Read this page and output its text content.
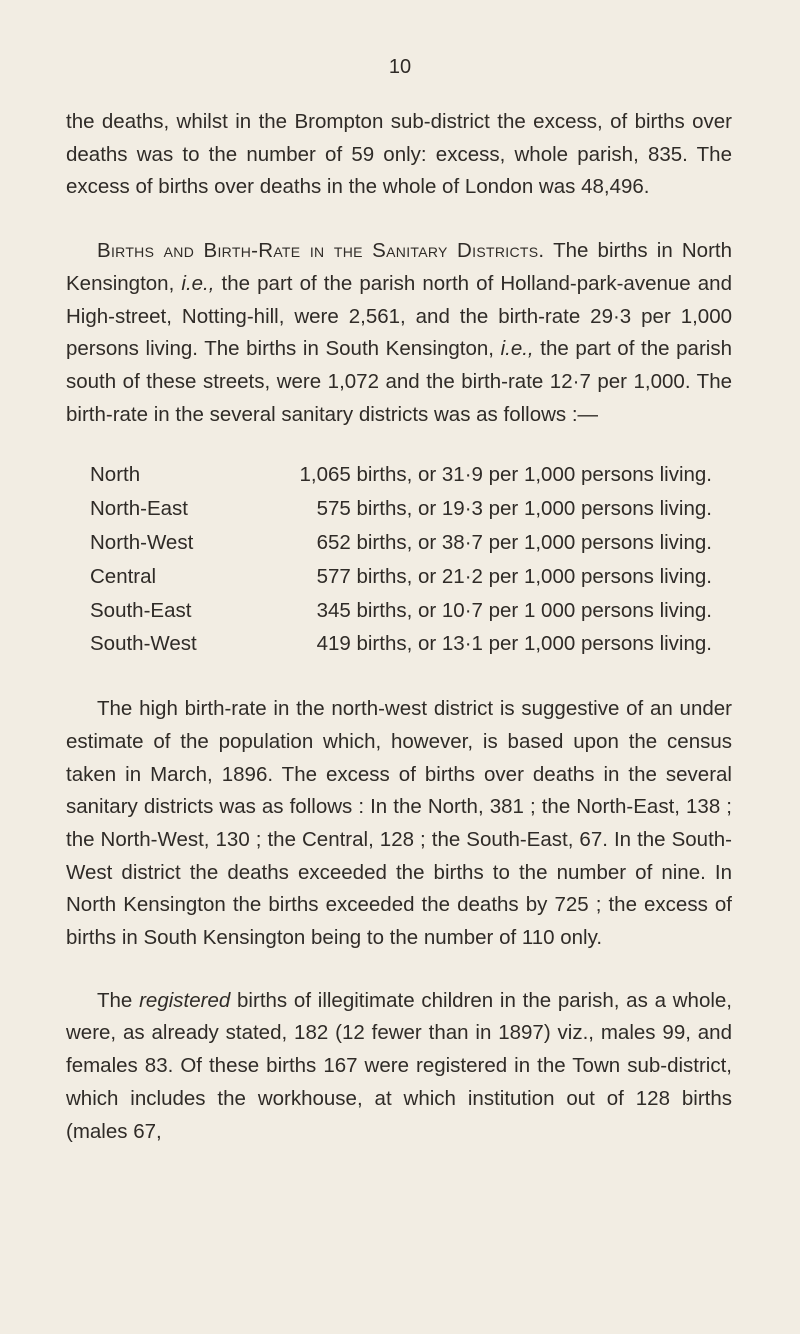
10

the deaths, whilst in the Brompton sub-district the excess, of births over deaths was to the number of 59 only: excess, whole parish, 835. The excess of births over deaths in the whole of London was 48,496.

Births and Birth-Rate in the Sanitary Districts. The births in North Kensington, i.e., the part of the parish north of Holland-park-avenue and High-street, Notting-hill, were 2,561, and the birth-rate 29·3 per 1,000 persons living. The births in South Kensington, i.e., the part of the parish south of these streets, were 1,072 and the birth-rate 12·7 per 1,000. The birth-rate in the several sanitary districts was as follows :—

North	1,065 births, or 31·9 per 1,000 persons living.
North-East	575 births, or 19·3 per 1,000 persons living.
North-West	652 births, or 38·7 per 1,000 persons living.
Central	577 births, or 21·2 per 1,000 persons living.
South-East	345 births, or 10·7 per 1 000 persons living.
South-West	419 births, or 13·1 per 1,000 persons living.

The high birth-rate in the north-west district is suggestive of an under estimate of the population which, however, is based upon the census taken in March, 1896. The excess of births over deaths in the several sanitary districts was as follows : In the North, 381 ; the North-East, 138 ; the North-West, 130 ; the Central, 128 ; the South-East, 67. In the South-West district the deaths exceeded the births to the number of nine. In North Kensington the births exceeded the deaths by 725 ; the excess of births in South Kensington being to the number of 110 only.

The registered births of illegitimate children in the parish, as a whole, were, as already stated, 182 (12 fewer than in 1897) viz., males 99, and females 83. Of these births 167 were registered in the Town sub-district, which includes the workhouse, at which institution out of 128 births (males 67,
